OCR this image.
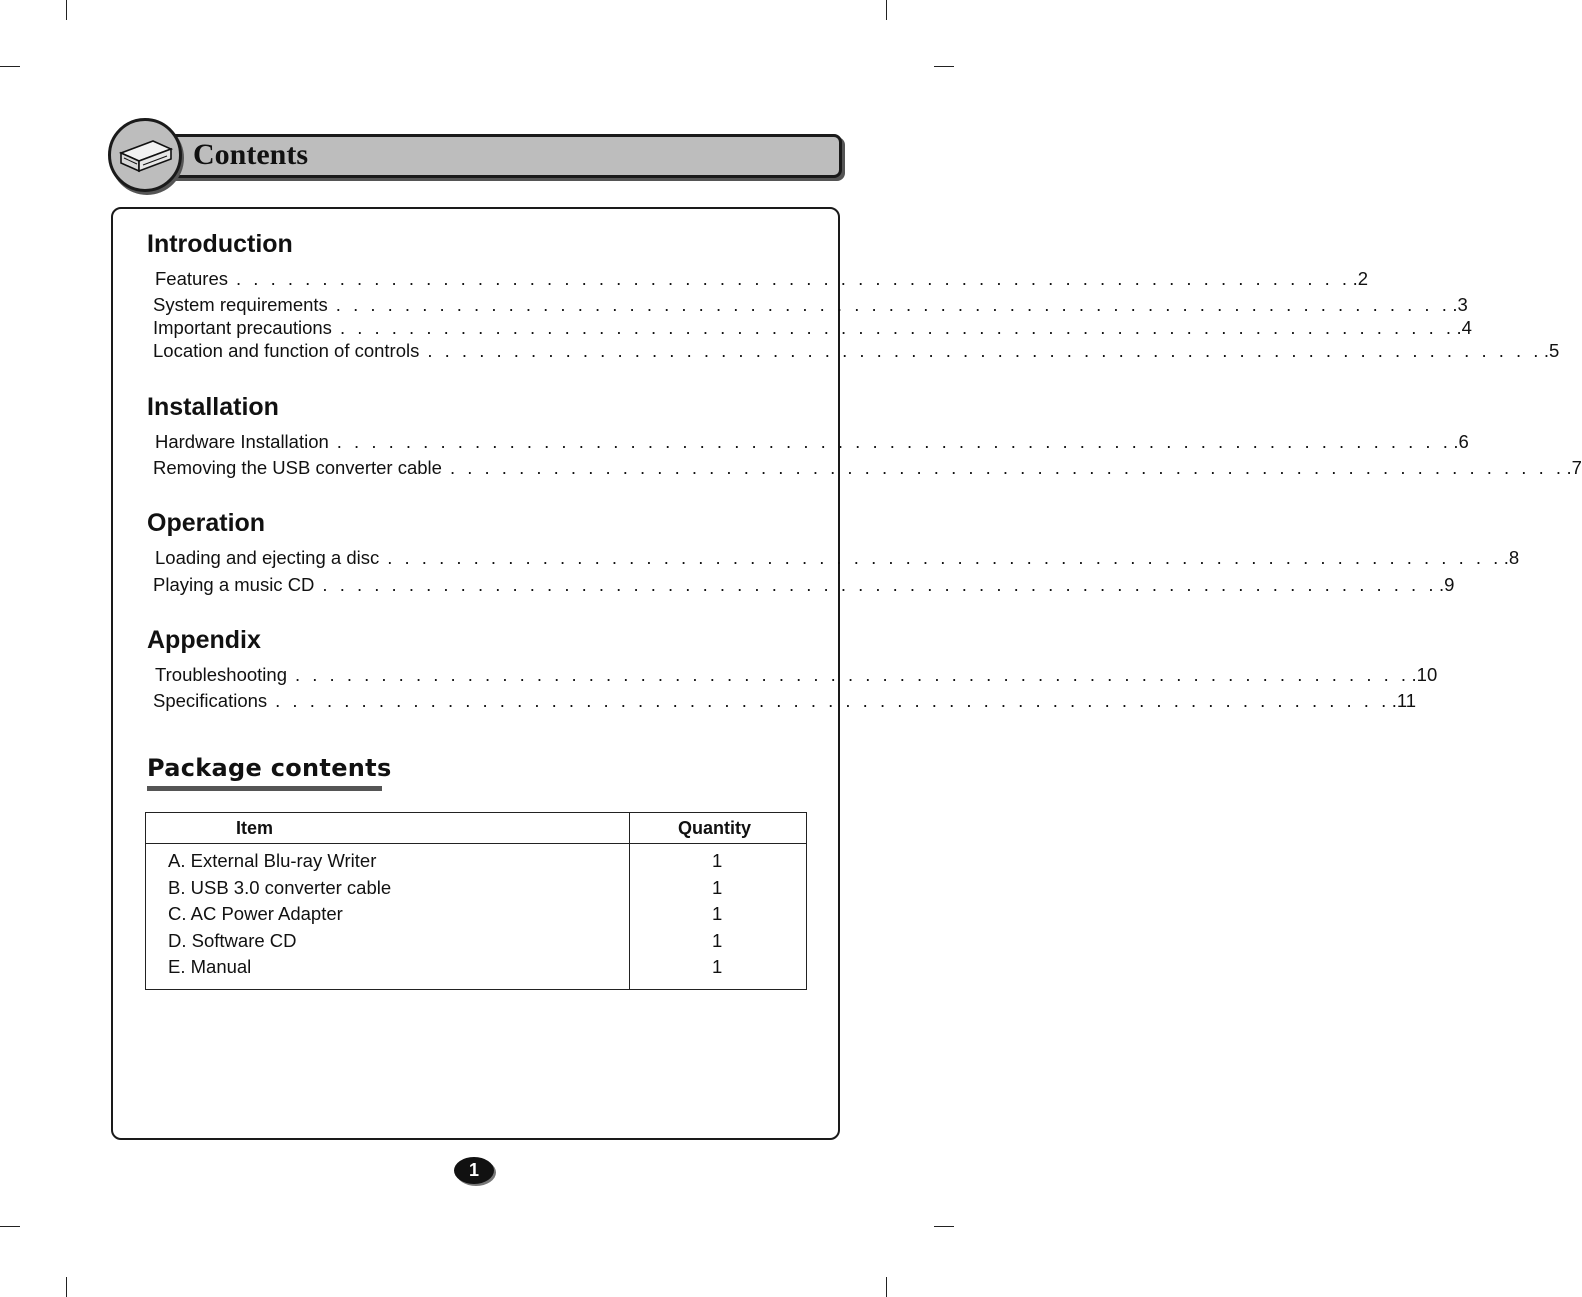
Contents
Introduction
Features . . . . . . . . . . . . . . . . . . . . . . . . . . . . . . . . . . . . . . . . . . . . . . . . . . . . . . . . . . . . . . . . . .2
System requirements . . . . . . . . . . . . . . . . . . . . . . . . . . . . . . . . . . . . . . . . . . . . . . . . . . . . . . . . . . . . . . . . . .3
Important precautions . . . . . . . . . . . . . . . . . . . . . . . . . . . . . . . . . . . . . . . . . . . . . . . . . . . . . . . . . . . . . . . . . .4
Location and function of controls . . . . . . . . . . . . . . . . . . . . . . . . . . . . . . . . . . . . . . . . . . . . . . . . . . . . . . . . . . . . . . . . . .5
Installation
Hardware Installation . . . . . . . . . . . . . . . . . . . . . . . . . . . . . . . . . . . . . . . . . . . . . . . . . . . . . . . . . . . . . . . . . .6
Removing the USB converter cable . . . . . . . . . . . . . . . . . . . . . . . . . . . . . . . . . . . . . . . . . . . . . . . . . . . . . . . . . . . . . . . . . .7
Operation
Loading and ejecting a disc . . . . . . . . . . . . . . . . . . . . . . . . . . . . . . . . . . . . . . . . . . . . . . . . . . . . . . . . . . . . . . . . . .8
Playing a music CD . . . . . . . . . . . . . . . . . . . . . . . . . . . . . . . . . . . . . . . . . . . . . . . . . . . . . . . . . . . . . . . . . .9
Appendix
Troubleshooting . . . . . . . . . . . . . . . . . . . . . . . . . . . . . . . . . . . . . . . . . . . . . . . . . . . . . . . . . . . . . . . . . .10
Specifications . . . . . . . . . . . . . . . . . . . . . . . . . . . . . . . . . . . . . . . . . . . . . . . . . . . . . . . . . . . . . . . . . .11
Package contents
Item	Quantity
A. External Blu-ray Writer	1
B. USB 3.0 converter cable	1
C. AC Power Adapter	1
D. Software CD	1
E. Manual	1
1
